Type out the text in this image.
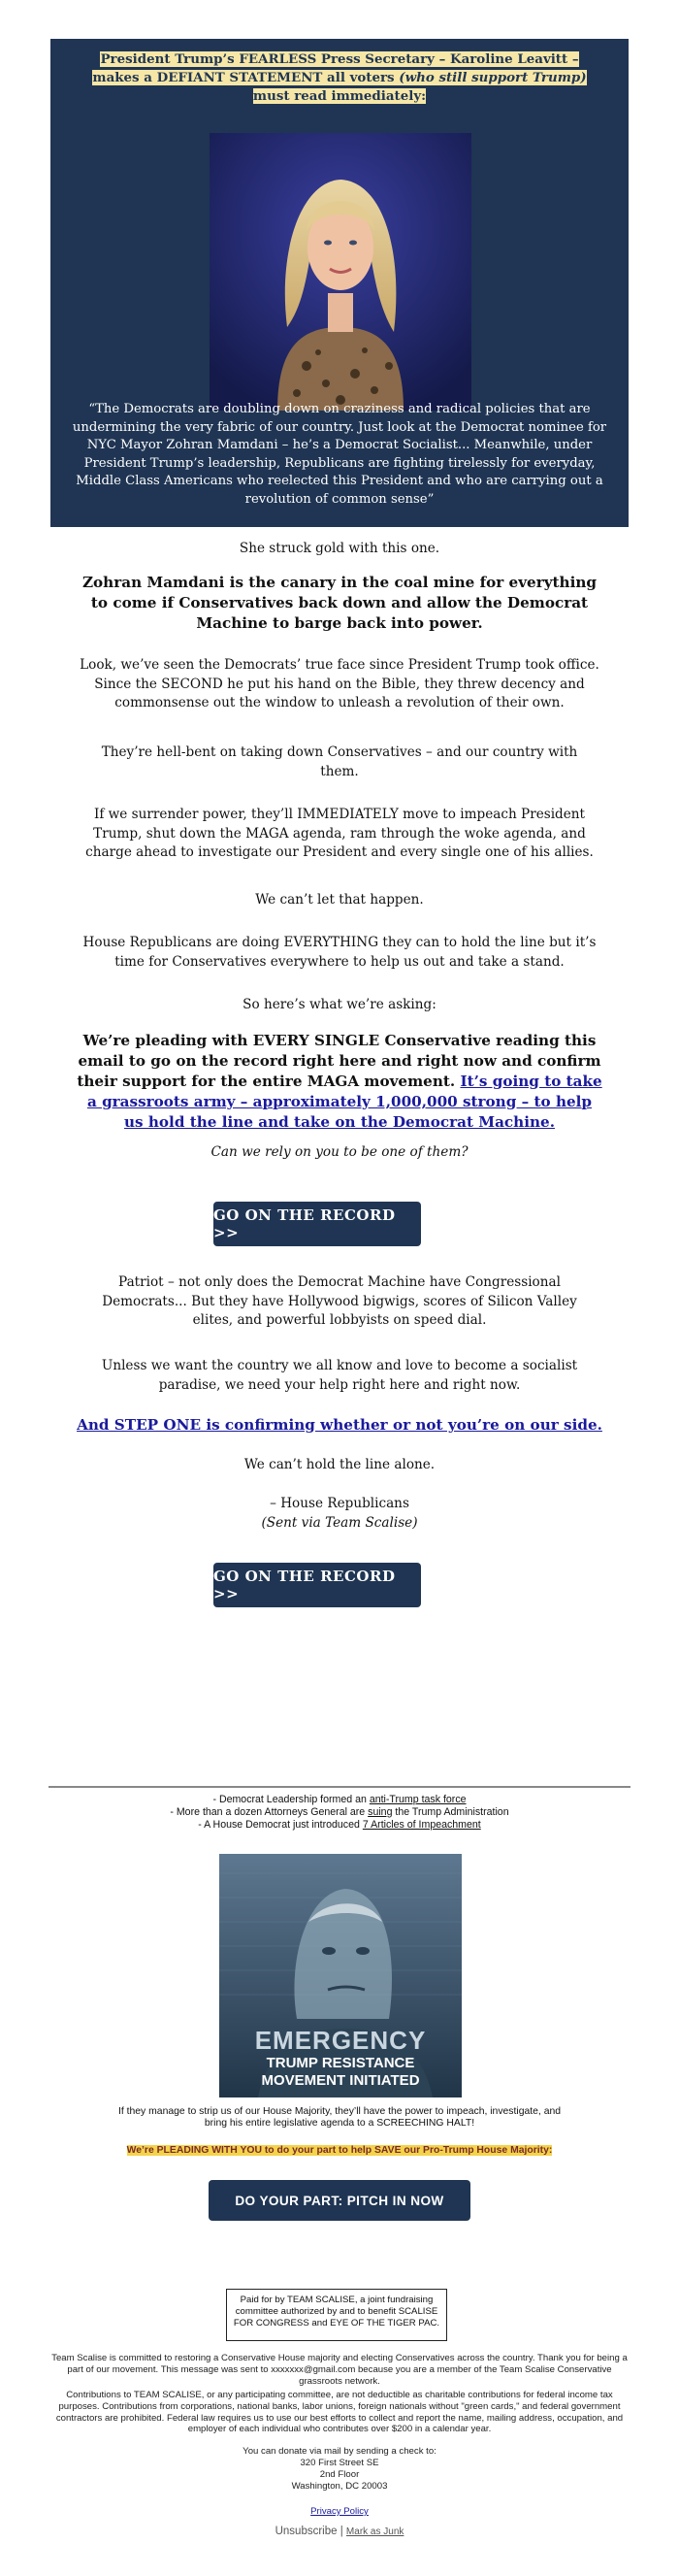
President Trump’s FEARLESS Press Secretary – Karoline Leavitt – makes a DEFIANT STATEMENT all voters (who still support Trump) must read immediately:
“The Democrats are doubling down on craziness and radical policies that are undermining the very fabric of our country. Just look at the Democrat nominee for NYC Mayor Zohran Mamdani – he’s a Democrat Socialist... Meanwhile, under President Trump’s leadership, Republicans are fighting tirelessly for everyday, Middle Class Americans who reelected this President and who are carrying out a revolution of common sense”
She struck gold with this one.
Zohran Mamdani is the canary in the coal mine for everything to come if Conservatives back down and allow the Democrat Machine to barge back into power.
Look, we’ve seen the Democrats’ true face since President Trump took office. Since the SECOND he put his hand on the Bible, they threw decency and commonsense out the window to unleash a revolution of their own.
They’re hell-bent on taking down Conservatives – and our country with them.
If we surrender power, they’ll IMMEDIATELY move to impeach President Trump, shut down the MAGA agenda, ram through the woke agenda, and charge ahead to investigate our President and every single one of his allies.
We can’t let that happen.
House Republicans are doing EVERYTHING they can to hold the line but it’s time for Conservatives everywhere to help us out and take a stand.
So here’s what we’re asking:
We’re pleading with EVERY SINGLE Conservative reading this email to go on the record right here and right now and confirm their support for the entire MAGA movement. It’s going to take a grassroots army – approximately 1,000,000 strong – to help us hold the line and take on the Democrat Machine.
Can we rely on you to be one of them?
GO ON THE RECORD >>
Patriot – not only does the Democrat Machine have Congressional Democrats... But they have Hollywood bigwigs, scores of Silicon Valley elites, and powerful lobbyists on speed dial.
Unless we want the country we all know and love to become a socialist paradise, we need your help right here and right now.
And STEP ONE is confirming whether or not you’re on our side.
We can’t hold the line alone.
– House Republicans
(Sent via Team Scalise)
GO ON THE RECORD >>
- Democrat Leadership formed an anti-Trump task force
- More than a dozen Attorneys General are suing the Trump Administration
- A House Democrat just introduced 7 Articles of Impeachment
EMERGENCY
TRUMP RESISTANCE
MOVEMENT INITIATED
If they manage to strip us of our House Majority, they’ll have the power to impeach, investigate, and bring his entire legislative agenda to a SCREECHING HALT!
We’re PLEADING WITH YOU to do your part to help SAVE our Pro-Trump House Majority:
DO YOUR PART: PITCH IN NOW
Paid for by TEAM SCALISE, a joint fundraising committee authorized by and to benefit SCALISE FOR CONGRESS and EYE OF THE TIGER PAC.
Team Scalise is committed to restoring a Conservative House majority and electing Conservatives across the country. Thank you for being a part of our movement. This message was sent to xxxxxxx@gmail.com because you are a member of the Team Scalise Conservative grassroots network.
Contributions to TEAM SCALISE, or any participating committee, are not deductible as charitable contributions for federal income tax purposes. Contributions from corporations, national banks, labor unions, foreign nationals without "green cards," and federal government contractors are prohibited. Federal law requires us to use our best efforts to collect and report the name, mailing address, occupation, and employer of each individual who contributes over $200 in a calendar year.
You can donate via mail by sending a check to:
320 First Street SE
2nd Floor
Washington, DC 20003
Privacy Policy
Unsubscribe | Mark as Junk
